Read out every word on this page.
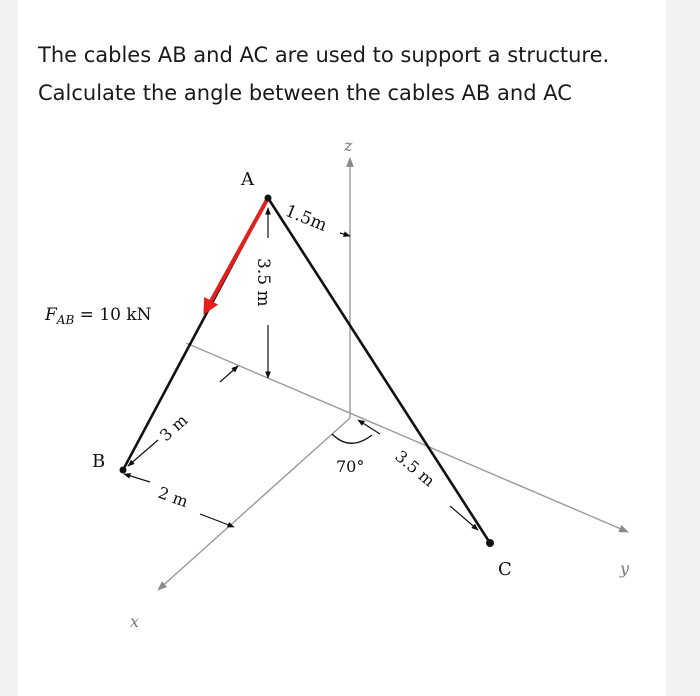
The cables AB and AC are used to support a structure.
Calculate the angle between the cables AB and AC
A
B
C
z
y
x
$F_{AB} = 10$ kN
1.5m
3.5 m
3 m
2 m
3.5 m
70°
